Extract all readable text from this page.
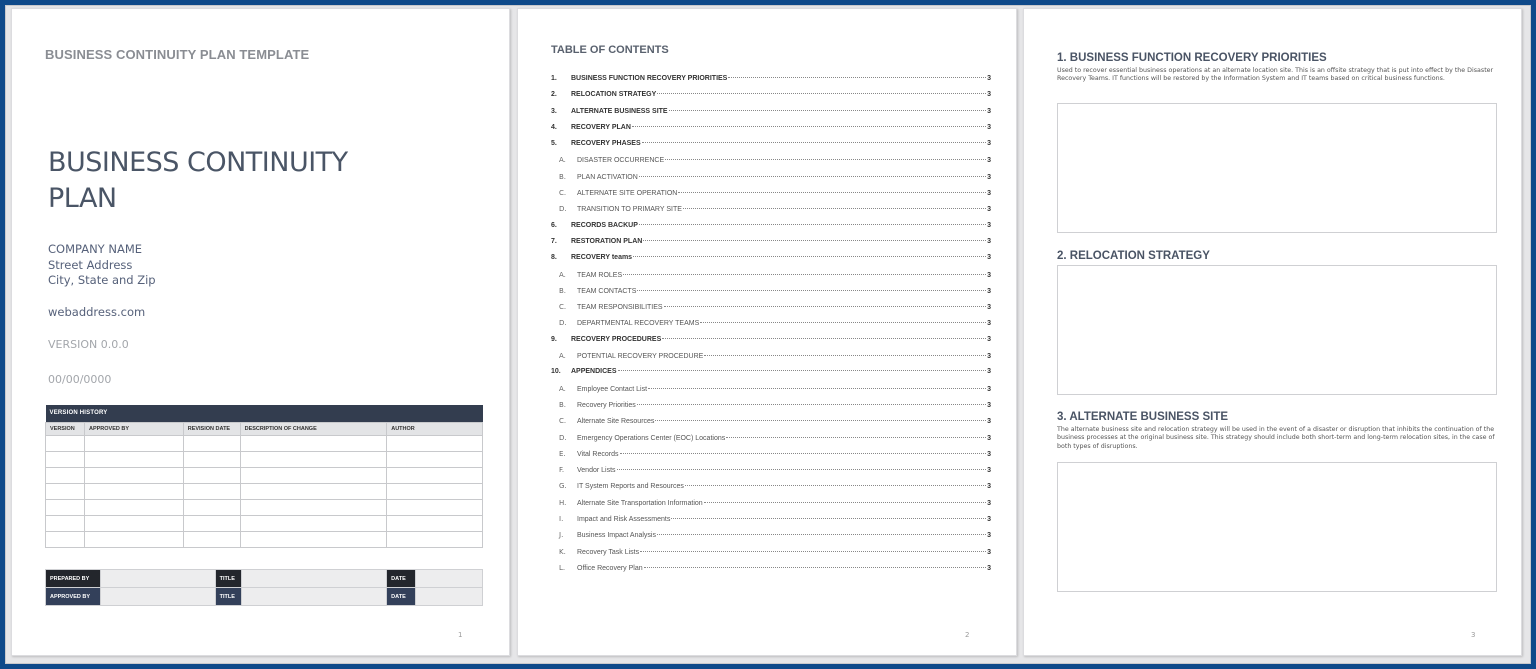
BUSINESS CONTINUITY PLAN TEMPLATE
BUSINESS CONTINUITY PLAN
COMPANY NAME
Street Address
City, State and Zip
webaddress.com
VERSION 0.0.0
00/00/0000
VERSION HISTORY				
VERSION	APPROVED BY	REVISION DATE	DESCRIPTION OF CHANGE	AUTHOR

PREPARED BY		TITLE		DATE	
APPROVED BY		TITLE		DATE	
1
TABLE OF CONTENTS
1.	BUSINESS FUNCTION RECOVERY PRIORITIES	3
2.	RELOCATION STRATEGY	3
3.	ALTERNATE BUSINESS SITE	3
4.	RECOVERY PLAN	3
5.	RECOVERY PHASES	3
A.	DISASTER OCCURRENCE	3
B.	PLAN ACTIVATION	3
C.	ALTERNATE SITE OPERATION	3
D.	TRANSITION TO PRIMARY SITE	3
6.	RECORDS BACKUP	3
7.	RESTORATION PLAN	3
8.	RECOVERY teams	3
A.	TEAM ROLES	3
B.	TEAM CONTACTS	3
C.	TEAM RESPONSIBILITIES	3
D.	DEPARTMENTAL RECOVERY TEAMS	3
9.	RECOVERY PROCEDURES	3
A.	POTENTIAL RECOVERY PROCEDURE	3
10.	APPENDICES	3
A.	Employee Contact List	3
B.	Recovery Priorities	3
C.	Alternate Site Resources	3
D.	Emergency Operations Center (EOC) Locations	3
E.	Vital Records	3
F.	Vendor Lists	3
G.	IT System Reports and Resources	3
H.	Alternate Site Transportation Information	3
I.	Impact and Risk Assessments	3
J.	Business Impact Analysis	3
K.	Recovery Task Lists	3
L.	Office Recovery Plan	3
2
1. BUSINESS FUNCTION RECOVERY PRIORITIES
Used to recover essential business operations at an alternate location site. This is an offsite strategy that is put into effect by the Disaster Recovery Teams. IT functions will be restored by the Information System and IT teams based on critical business functions.
2. RELOCATION STRATEGY
3. ALTERNATE BUSINESS SITE
The alternate business site and relocation strategy will be used in the event of a disaster or disruption that inhibits the continuation of the business processes at the original business site. This strategy should include both short-term and long-term relocation sites, in the case of both types of disruptions.
3
